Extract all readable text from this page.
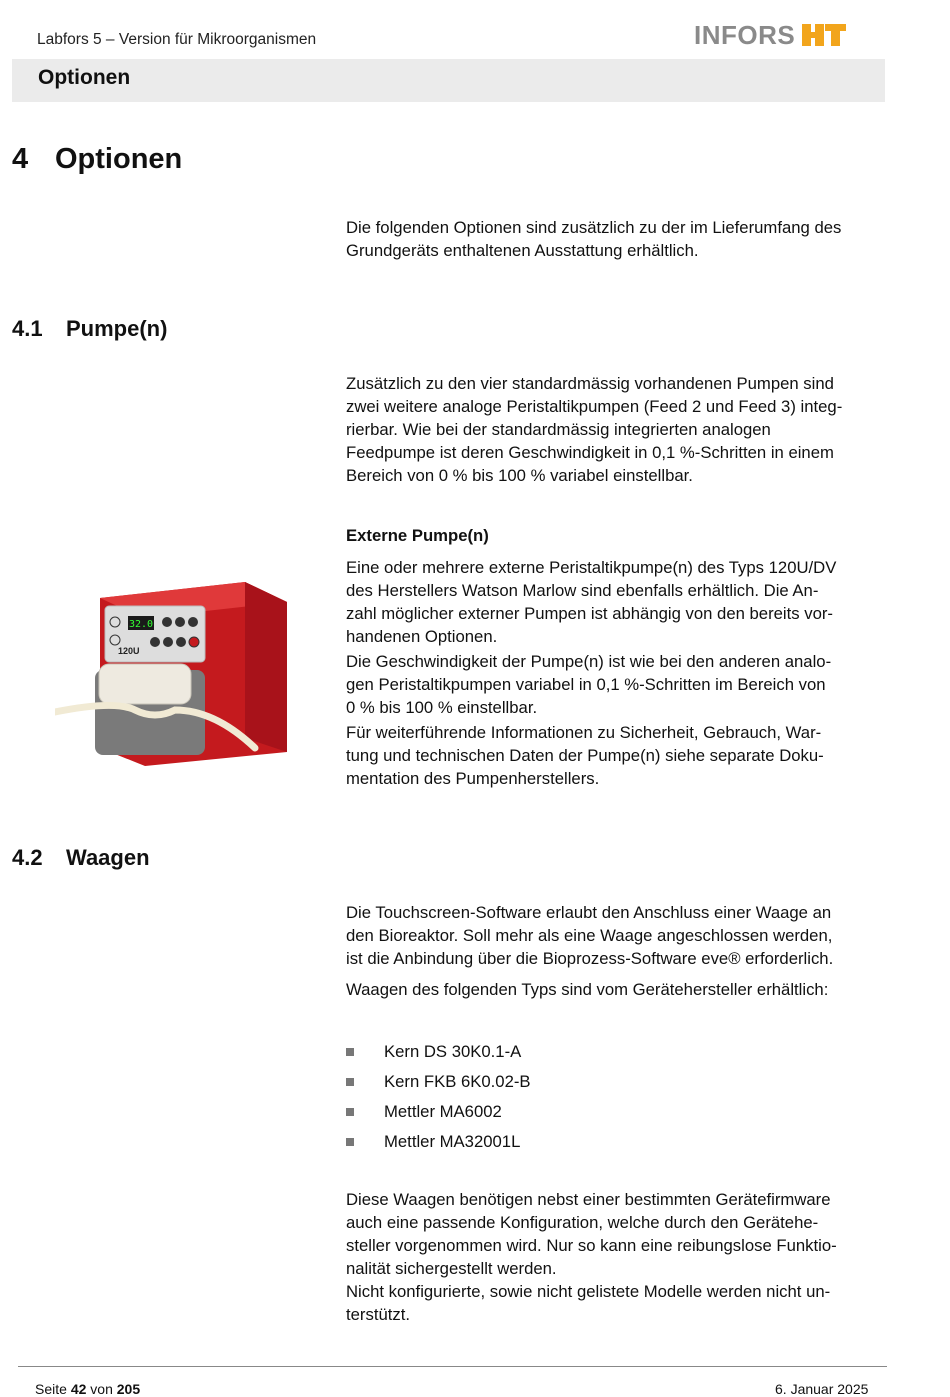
Labfors 5 – Version für Mikroorganismen	INFORS
Optionen
4 Optionen
Die folgenden Optionen sind zusätzlich zu der im Lieferumfang des Grundgeräts enthaltenen Ausstattung erhältlich.
4.1 Pumpe(n)
Zusätzlich zu den vier standardmässig vorhandenen Pumpen sind
zwei weitere analoge Peristaltikpumpen (Feed 2 und Feed 3) integ-
rierbar. Wie bei der standardmässig integrierten analogen
Feedpumpe ist deren Geschwindigkeit in 0,1 %-Schritten in einem
Bereich von 0 % bis 100 % variabel einstellbar.
Externe Pumpe(n)
Eine oder mehrere externe Peristaltikpumpe(n) des Typs 120U/DV
des Herstellers Watson Marlow sind ebenfalls erhältlich. Die An-
zahl möglicher externer Pumpen ist abhängig von den bereits vor-
handenen Optionen.
Die Geschwindigkeit der Pumpe(n) ist wie bei den anderen analo-
gen Peristaltikpumpen variabel in 0,1 %-Schritten im Bereich von
0 % bis 100 % einstellbar.
Für weiterführende Informationen zu Sicherheit, Gebrauch, War-
tung und technischen Daten der Pumpe(n) siehe separate Doku-
mentation des Pumpenherstellers.
32.0
120U
4.2 Waagen
Die Touchscreen-Software erlaubt den Anschluss einer Waage an
den Bioreaktor. Soll mehr als eine Waage angeschlossen werden,
ist die Anbindung über die Bioprozess-Software eve® erforderlich.
Waagen des folgenden Typs sind vom Gerätehersteller erhältlich:
Kern DS 30K0.1-A
Kern FKB 6K0.02-B
Mettler MA6002
Mettler MA32001L
Diese Waagen benötigen nebst einer bestimmten Gerätefirmware
auch eine passende Konfiguration, welche durch den Gerätehe-
steller vorgenommen wird. Nur so kann eine reibungslose Funktio-
nalität sichergestellt werden.
Nicht konfigurierte, sowie nicht gelistete Modelle werden nicht un-
terstützt.
Seite 42 von 205	6. Januar 2025
